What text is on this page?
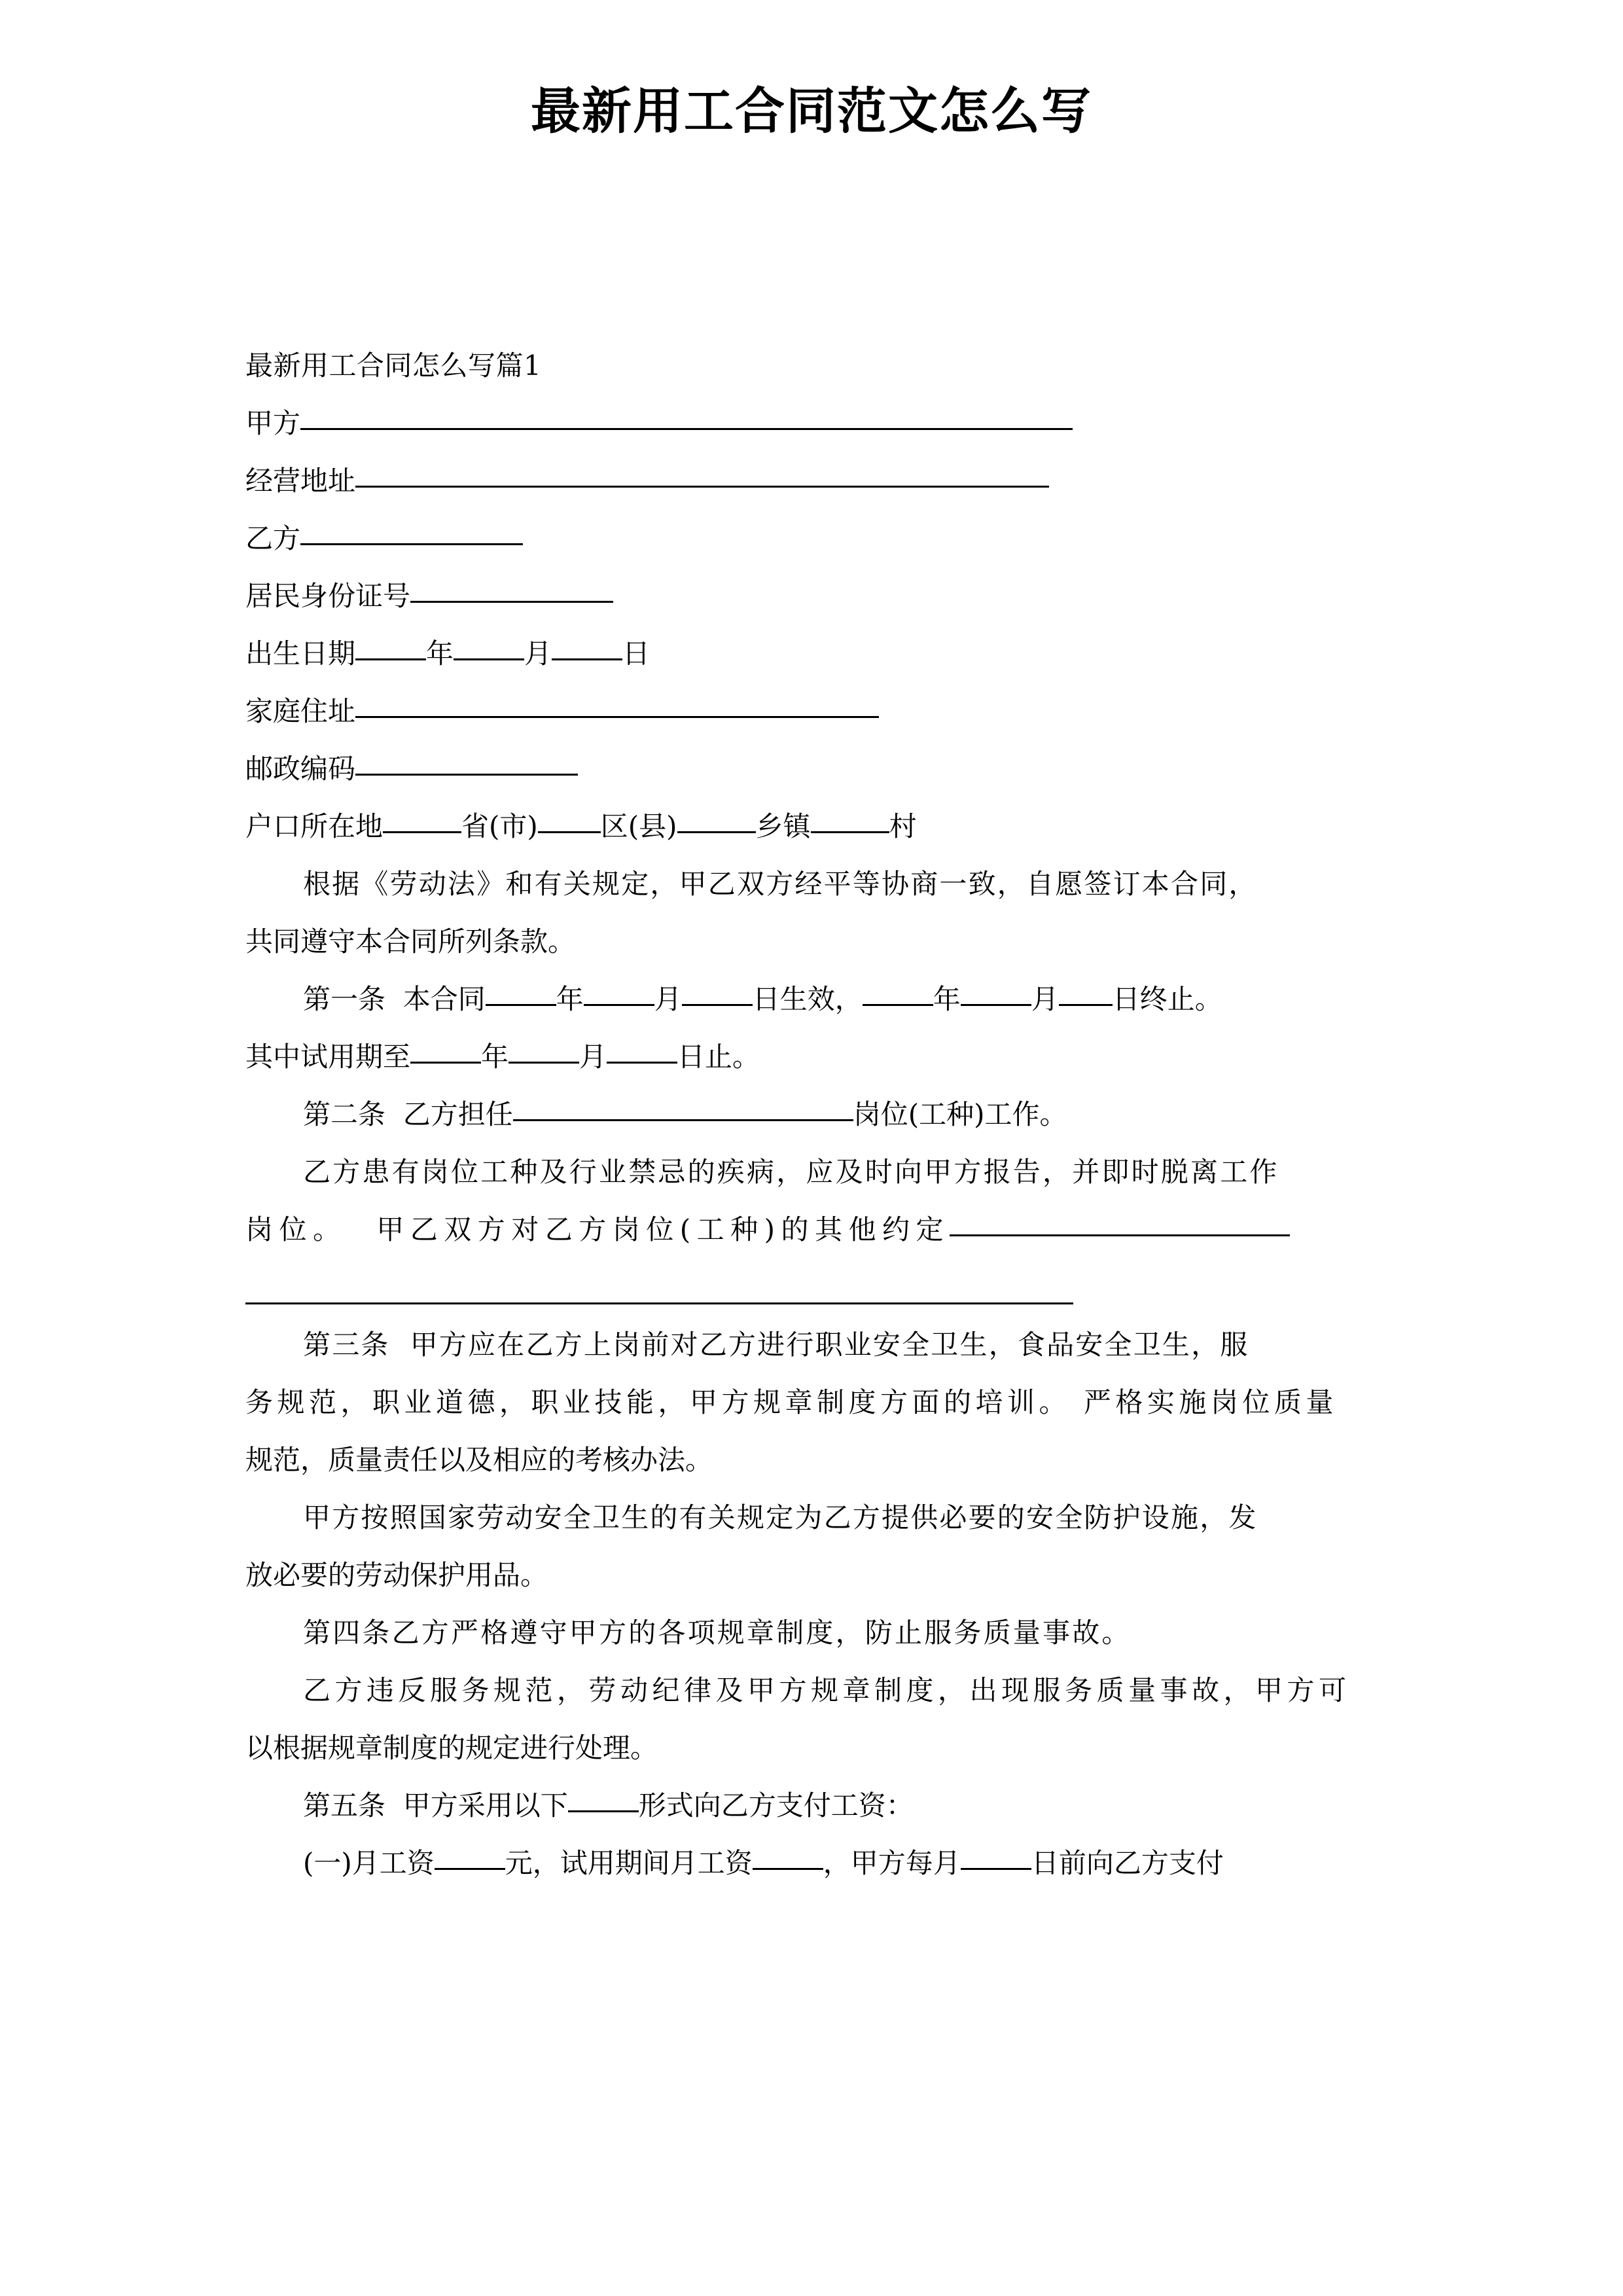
最新用工合同范文怎么写
最新用工合同怎么写篇1
甲方
经营地址
乙方
居民身份证号
出生日期	年	月	日
家庭住址
邮政编码
户口所在地	省(市) 区(县)	乡镇	村
根据《劳动法》和有关规定，甲乙双方经平等协商一致，自愿签订本合同，
共同遵守本合同所列条款。
第一条  本合同	年	月	日生效，	年	月 日终止。
其中试用期至	年	月	日止。
第二条  乙方担任	岗位(工种)工作。
乙方患有岗位工种及行业禁忌的疾病，应及时向甲方报告，并即时脱离工作
岗位。  甲乙双方对乙方岗位(工种)的其他约定
第三条  甲方应在乙方上岗前对乙方进行职业安全卫生，食品安全卫生，服
务规范，职业道德，职业技能，甲方规章制度方面的培训。 严格实施岗位质量
规范，质量责任以及相应的考核办法。
甲方按照国家劳动安全卫生的有关规定为乙方提供必要的安全防护设施，发
放必要的劳动保护用品。
第四条乙方严格遵守甲方的各项规章制度，防止服务质量事故。
乙方违反服务规范，劳动纪律及甲方规章制度，出现服务质量事故，甲方可
以根据规章制度的规定进行处理。
第五条  甲方采用以下	形式向乙方支付工资：
(一)月工资	元，试用期间月工资	，甲方每月	日前向乙方支付
